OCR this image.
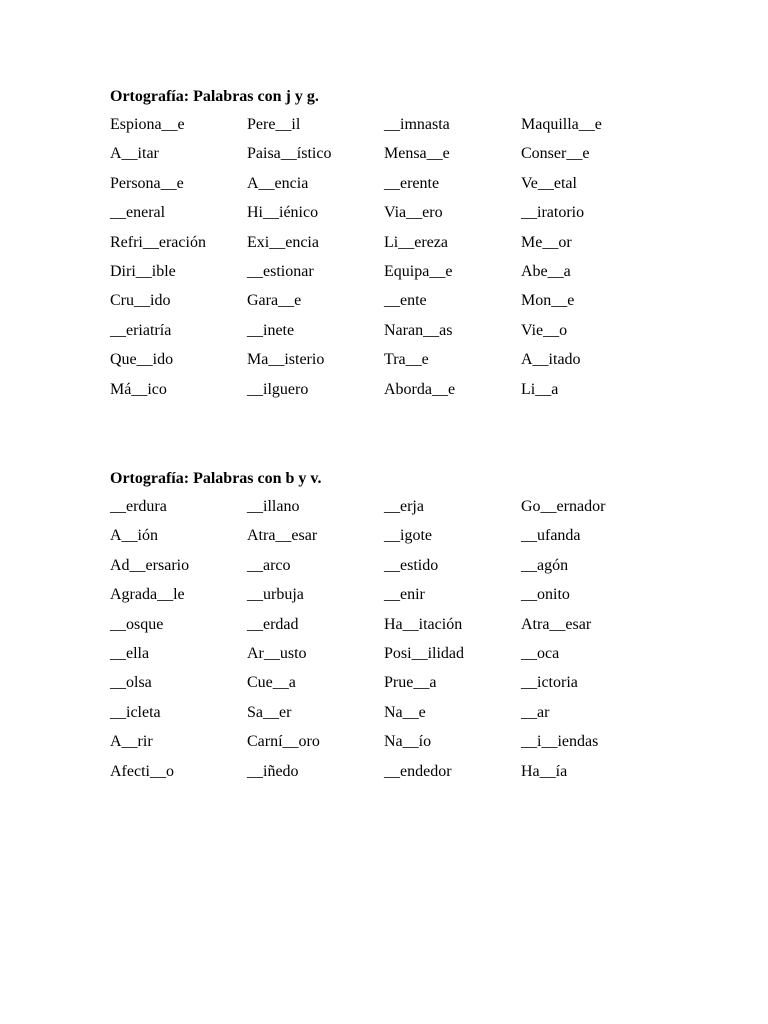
Ortografía: Palabras con j y g.
Espiona__e	Pere__il	__imnasta	Maquilla__e
A__itar	Paisa__ístico	Mensa__e	Conser__e
Persona__e	A__encia	__erente	Ve__etal
__eneral	Hi__iénico	Via__ero	__iratorio
Refri__eración	Exi__encia	Li__ereza	Me__or
Diri__ible	__estionar	Equipa__e	Abe__a
Cru__ido	Gara__e	__ente	Mon__e
__eriatría	__inete	Naran__as	Vie__o
Que__ido	Ma__isterio	Tra__e	A__itado
Má__ico	__ilguero	Aborda__e	Li__a
Ortografía: Palabras con b y v.
__erdura	__illano	__erja	Go__ernador
A__ión	Atra__esar	__igote	__ufanda
Ad__ersario	__arco	__estido	__agón
Agrada__le	__urbuja	__enir	__onito
__osque	__erdad	Ha__itación	Atra__esar
__ella	Ar__usto	Posi__ilidad	__oca
__olsa	Cue__a	Prue__a	__ictoria
__icleta	Sa__er	Na__e	__ar
A__rir	Carní__oro	Na__ío	__i__iendas
Afecti__o	__iñedo	__endedor	Ha__ía
